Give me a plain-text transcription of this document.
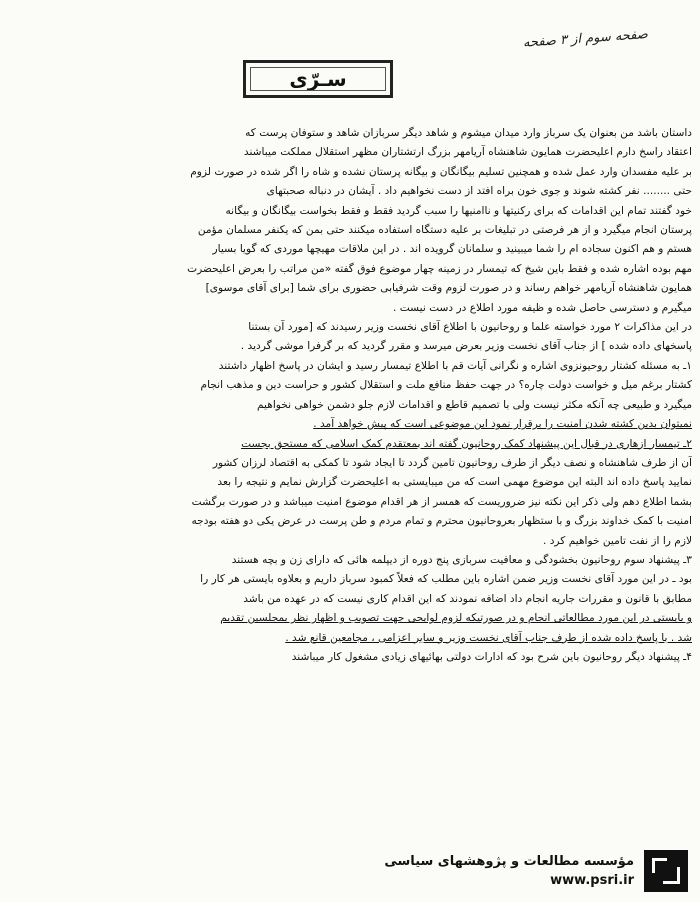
صفحه سوم از ۳ صفحه
سـرّی
داستان باشد من بعنوان یک سرباز وارد میدان میشوم و شاهد دیگر سربازان شاهد و ستوفان پرست که
اعتقاد راسخ دارم اعلیحضرت همایون شاهنشاه آریامهر بزرگ ارتشتاران مظهر استقلال مملکت میباشند
بر علیه مفسدان وارد عمل شده و همچنین تسلیم بیگانگان و بیگانه پرستان نشده و شاه را اگر شده در صورت لزوم
حتی ........ نفر کشته شوند و جوی خون براه افتد از دست نخواهیم داد . آیشان در دنباله صحبتهای
خود گفتند تمام این اقدامات که برای رکنیتها و ناامنیها را سبب گردید فقط و فقط بخواست بیگانگان و بیگانه
پرستان انجام میگیرد و از هر فرصتی در تبلیغات بر علیه دستگاه استفاده میکنند حتی بمن که یکنفر مسلمان مؤمن
هستم و هم اکنون سجاده ام را شما میبینید و سلمانان گرویده اند . در این ملاقات مهیچها موردی که گویا بسیار
مهم بوده اشاره شده و فقط باین شیخ که تیمسار در زمینه چهار موضوع فوق گفته «من مراتب را بعرض اعلیحضرت
همایون شاهنشاه آریامهر خواهم رساند و در صورت لزوم وقت شرفیابی حضوری برای شما [برای آقای موسوی]
میگیرم و دسترسی حاصل شده و ظیفه مورد اطلاع در دست نیست .
در این مذاکرات ۲ مورد خواسته علما و روحانیون با اطلاع آقای نخست وزیر رسیدند که [مورد آن بستنا
پاسخهای داده شده ] از جناب آقای نخست وزیر بعرض میرسد و مقرر گردید که بر گرفرا موشی گردید .
۱ـ به مسئله کشتار روحیونزوی اشاره و نگرانی آیات قم با اطلاع تیمسار رسید و ایشان در پاسخ اظهار داشتند
کشتار برغم میل و خواست دولت چاره؟ در جهت حفظ منافع ملت و استقلال کشور و حراست دین و مذهب انجام
میگیرد و طبیعی چه آنکه مکثر نیست ولی با تصمیم قاطع و اقدامات لازم جلو دشمن خواهی نخواهیم
نمیتوان بدین کشته شدن امنیت را برقرار نمود این موضوعی است که پیش خواهد آمد .
۲ـ تیمسار ازهاری در قبال این پیشنهاد کمک روحانیون گفته اند بمعتقدم کمک اسلامی که مستحق بجست
آن از طرف شاهنشاه و نصف دیگر از طرف روحانیون تامین گردد تا ایجاد شود تا کمکی به اقتصاد لرزان کشور
نمایید پاسخ داده اند البته این موضوع مهمی است که من میبایستی به اعلیحضرت گزارش نمایم و نتیجه را بعد
بشما اطلاع دهم ولی ذکر این نکته نیز ضروریست که همسر از هر اقدام موضوع امنیت میباشد و در صورت برگشت
امنیت با کمک خداوند بزرگ و با ستظهار بعروحانیون محترم و تمام مردم و طن پرست در عرض یکی دو هفته بودجه
لازم را از نفت تامین خواهیم کرد .
۳ـ پیشنهاد سوم روحانیون بخشودگی و معافیت سربازی پنج دوره از دیپلمه هائی که دارای زن و بچه هستند
بود ـ در این مورد آقای نخست وزیر ضمن اشاره باین مطلب که فعلاً کمبود سرباز داریم و بعلاوه بایستی هر کار را
مطابق با قانون و مقررات جاریه انجام داد اضافه نمودند که این اقدام کاری نیست که در عهده من باشد
و بایستی در این مورد مطالعاتی انجام و در صورتیکه لزوم لوایحی جهت تصویب و اظهار نظر بمجلسین تقدیم
شد . با پاسخ داده شده از طرف جناب آقای نخست وزیر و سایر اعزامی ، مجامعین قانع شد .
۴ـ پیشنهاد دیگر روحانیون باین شرح بود که ادارات دولتی بهائیهای زیادی مشغول کار میباشند
مؤسسه مطالعات و پژوهشهای سیاسی
www.psri.ir
